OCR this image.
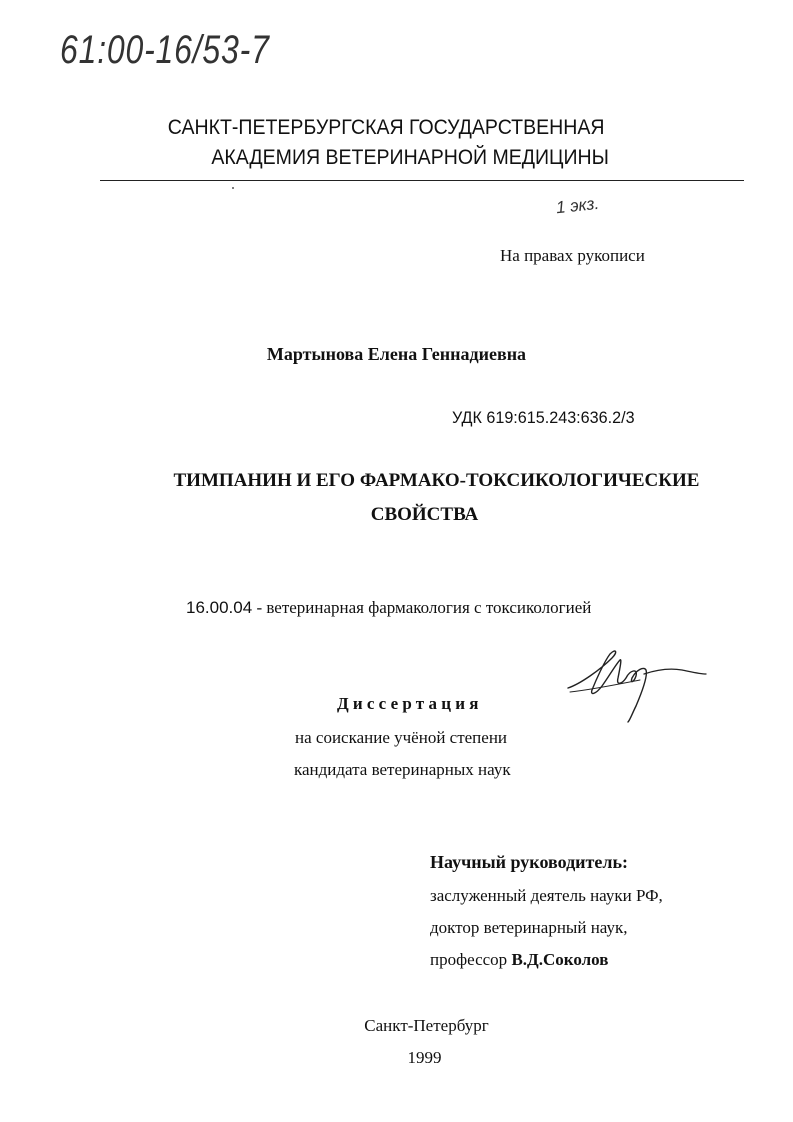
61:00-16/53-7
САНКТ-ПЕТЕРБУРГСКАЯ ГОСУДАРСТВЕННАЯ
АКАДЕМИЯ ВЕТЕРИНАРНОЙ МЕДИЦИНЫ
1 экз.
На правах рукописи
Мартынова Елена Геннадиевна
УДК 619:615.243:636.2/3
ТИМПАНИН И ЕГО ФАРМАКО-ТОКСИКОЛОГИЧЕСКИЕ
СВОЙСТВА
16.00.04 - ветеринарная фармакология с токсикологией
Диссертация
на соискание учёной степени
кандидата ветеринарных наук
Научный руководитель:
заслуженный деятель науки РФ,
доктор ветеринарный наук,
профессор В.Д.Соколов
Санкт-Петербург
1999
